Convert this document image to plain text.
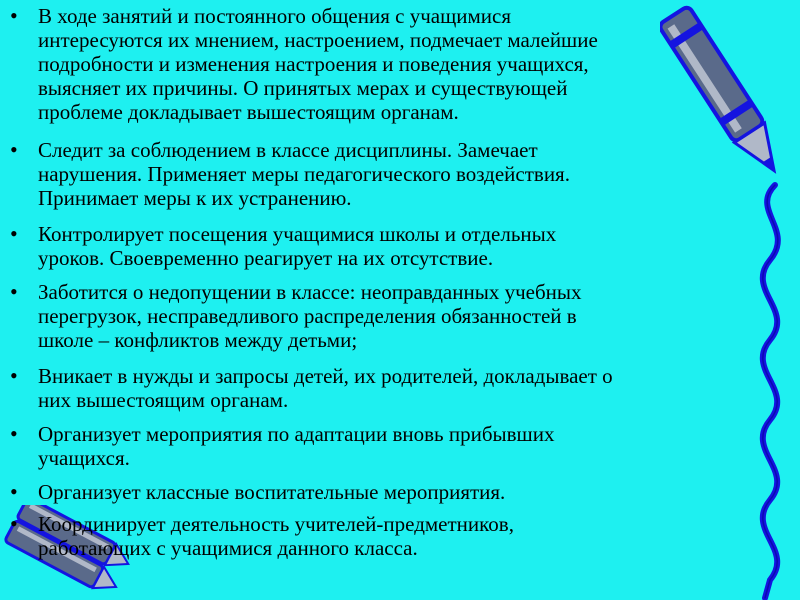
• В ходе занятий и постоянного общения с учащимися
интересуются их мнением, настроением, подмечает малейшие
подробности и изменения настроения и поведения учащихся,
выясняет их причины. О принятых мерах и существующей
проблеме докладывает вышестоящим органам.
• Следит за соблюдением в классе дисциплины. Замечает
нарушения. Применяет меры педагогического воздействия.
Принимает меры к их устранению.
• Контролирует посещения учащимися школы и отдельных
уроков. Своевременно реагирует на их отсутствие.
• Заботится о недопущении в классе: неоправданных учебных
перегрузок, несправедливого распределения обязанностей в
школе – конфликтов между детьми;
• Вникает в нужды и запросы детей, их родителей, докладывает о
них вышестоящим органам.
• Организует мероприятия по адаптации вновь прибывших
учащихся.
• Организует классные воспитательные мероприятия.
• Координирует деятельность учителей-предметников,
работающих с учащимися данного класса.
